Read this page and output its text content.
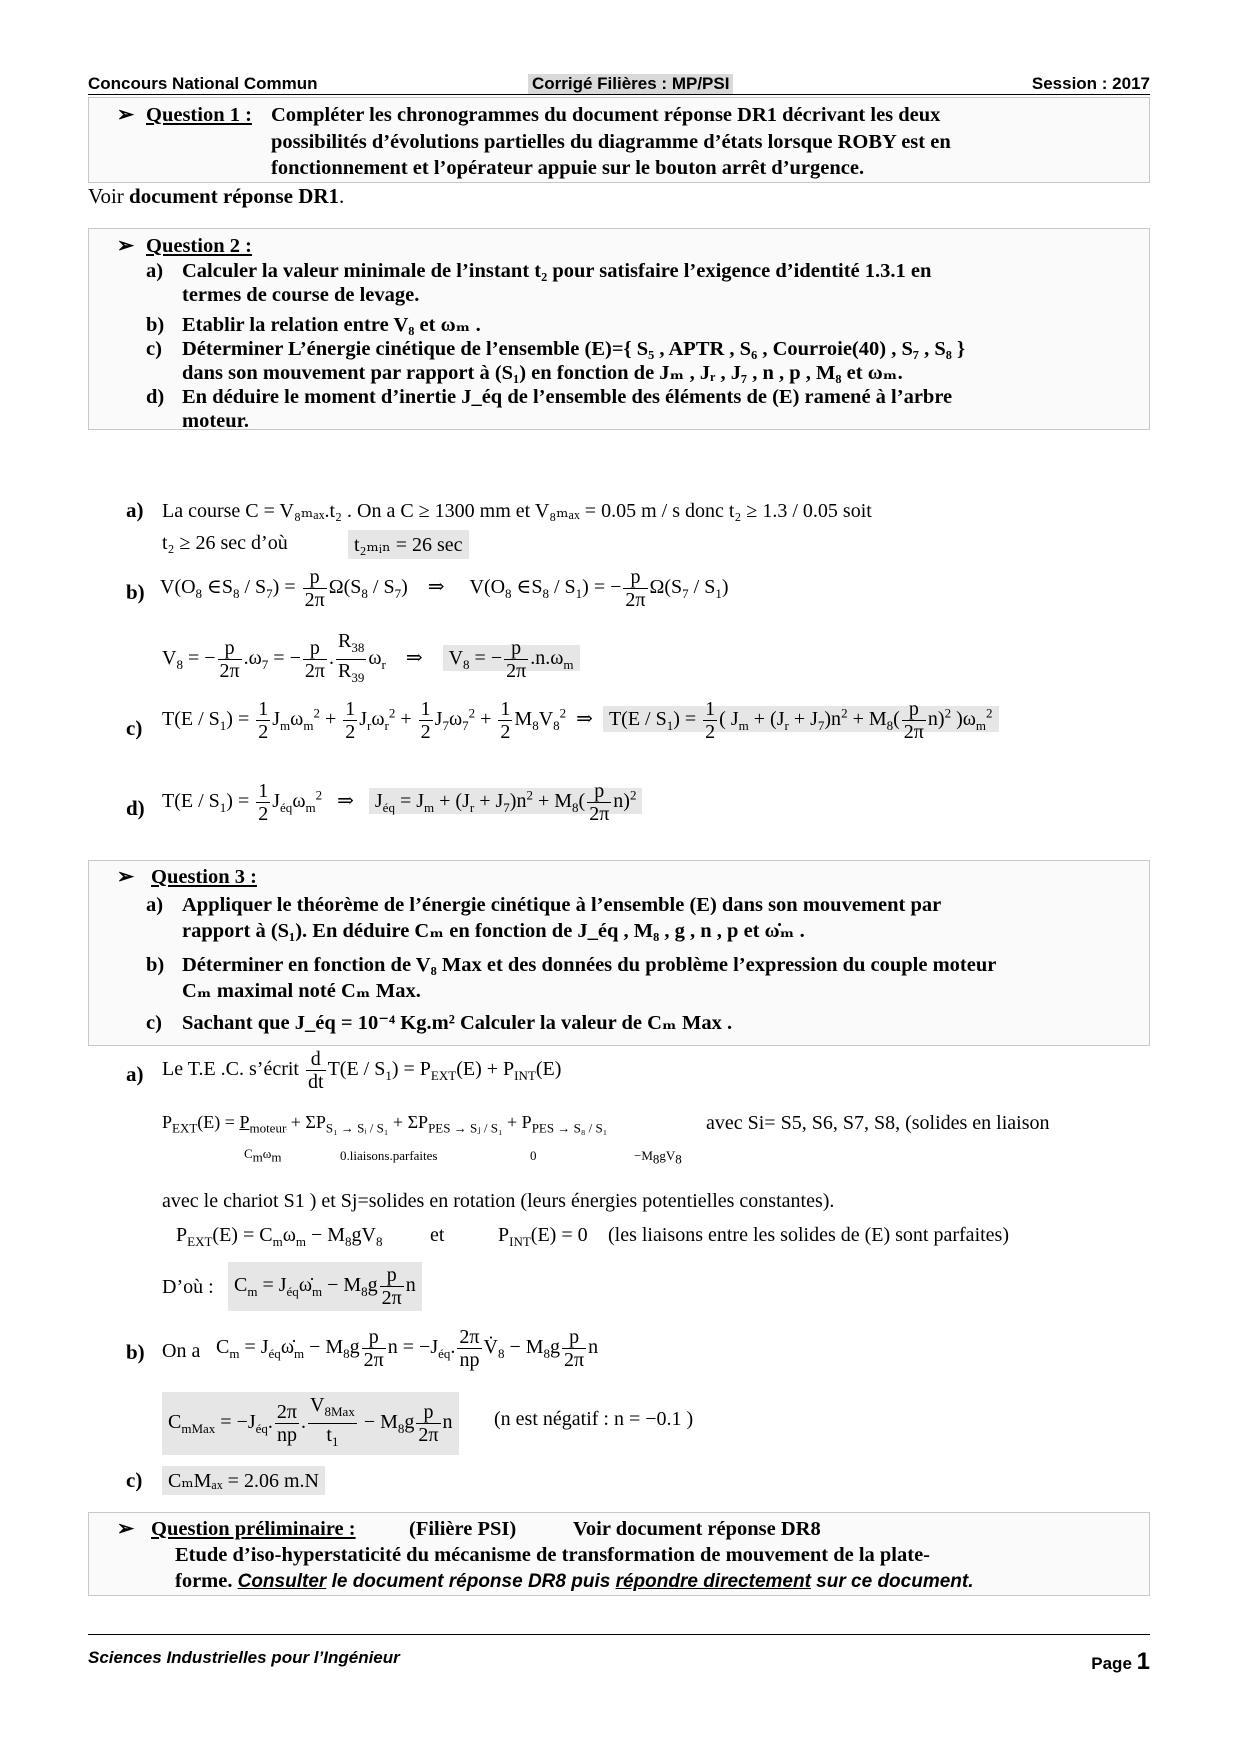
Concours National Commun	Corrigé Filières : MP/PSI	Session : 2017
➢ Question 1 : Compléter les chronogrammes du document réponse DR1 décrivant les deux
possibilités d’évolutions partielles du diagramme d’états lorsque ROBY est en
fonctionnement et l’opérateur appuie sur le bouton arrêt d’urgence.
Voir document réponse DR1.
➢ Question 2 :
a) Calculer la valeur minimale de l’instant t₂ pour satisfaire l’exigence d’identité 1.3.1 en
termes de course de levage.
b) Etablir la relation entre V₈ et ωₘ .
c) Déterminer L’énergie cinétique de l’ensemble (E)={ S₅ , APTR , S₆ , Courroie(40) , S₇ , S₈ }
dans son mouvement par rapport à (S₁) en fonction de Jₘ , Jᵣ , J₇ , n , p , M₈ et ωₘ.
d) En déduire le moment d’inertie J_éq de l’ensemble des éléments de (E) ramené à l’arbre
moteur.
a) La course C = V₈ₘₐₓ.t₂ . On a C ≥ 1300 mm et V₈ₘₐₓ = 0.05 m / s donc t₂ ≥ 1.3 / 0.05 soit
t₂ ≥ 26 sec d’où	t₂ₘᵢₙ = 26 sec
b) $V(O_8$ $\in S_8 / S_7) = \frac{p}{2\pi} \Omega(S_8 / S_7)$    ⇒     $V(O_8$ $\in S_8 / S_1$) = − $\frac{p}{2\pi} \Omega(S_7 / S_1)$
$V_8$ = − $\frac{p}{2\pi} .\omega_7$ = − $\frac{p}{2\pi}$ . $\frac{R_{38}}{R_{39}} \omega_r$    ⇒    $V_8$ = − $\frac{p}{2\pi} .n.\omega_m$
c) $T(E / S_1) = \frac{1}{2} J_m\omega_m^2 + \frac{1}{2} J_r\omega_r^2 + \frac{1}{2} J_7\omega_7^2 + \frac{1}{2} M_8V_8^2$  ⇒  $T(E / S_1) = \frac{1}{2}$ ( $J_m + (J_r + J_7)n^2 + M_8( \frac{p}{2\pi} n)^2$ )$\omega_m^2$
d) $T(E / S_1) = \frac{1}{2} J_{éq}\omega_m^2$   ⇒   $J_{éq} = J_m + (J_r + J_7)n^2 + M_8( \frac{p}{2\pi} n)^2$
➢ Question 3 :
a) Appliquer le théorème de l’énergie cinétique à l’ensemble (E) dans son mouvement par
rapport à (S₁). En déduire Cₘ en fonction de J_éq , M₈ , g , n , p et ω̇ₘ .
b) Déterminer en fonction de V₈ Max et des données du problème l’expression du couple moteur
Cₘ maximal noté Cₘ Max.
c) Sachant que J_éq = 10⁻⁴ Kg.m² Calculer la valeur de Cₘ Max .
a) Le T.E .C. s’écrit $\frac{d}{dt} T(E / S_1) = P_{EXT}(E) + P_{INT}(E)$
$P_{EXT}(E) = P_{moteur} + \Sigma P_{S_1 \to Sᵢ / S_1} + \Sigma P_{PES \to Sⱼ / S_1} + P_{PES \to S_8 / S_1}$
$C_m\omega_m$	0.liaisons.parfaites	0	$-M_8gV_8$
avec Si= S5, S6, S7, S8, (solides en liaison
avec le chariot S1 ) et Sj=solides en rotation (leurs énergies potentielles constantes).
$P_{EXT}(E) = C_m\omega_m - M_8gV_8$ et	$P_{INT}(E) = 0$ (les liaisons entre les solides de (E) sont parfaites)
D’où :	$C_m$ = $J_{éq}\omegȧ_m - M_8g \frac{p}{2\pi}$ n
b) On a $C_m$ = $J_{éq}\omegȧ_m - M_8g \frac{p}{2\pi}$ $n = -J_{éq}$. $\frac{2\pi}{np}$ $V̇_8 - M_8g \frac{p}{2\pi}$ n
$C_{mMax} = -J_{éq}$. $\frac{2\pi}{np}$ . $\frac{V_{8Max}}{t_1} - M_8g \frac{p}{2\pi}$ n	(n est négatif : n = −0.1 )
c)	CₘMₐₓ = 2.06 m.N
➢ Question préliminaire :	(Filière PSI)	Voir document réponse DR8
Etude d’iso-hyperstaticité du mécanisme de transformation de mouvement de la plate-
forme. Consulter le document réponse DR8 puis répondre directement sur ce document.
Sciences Industrielles pour l’Ingénieur	Page 1
